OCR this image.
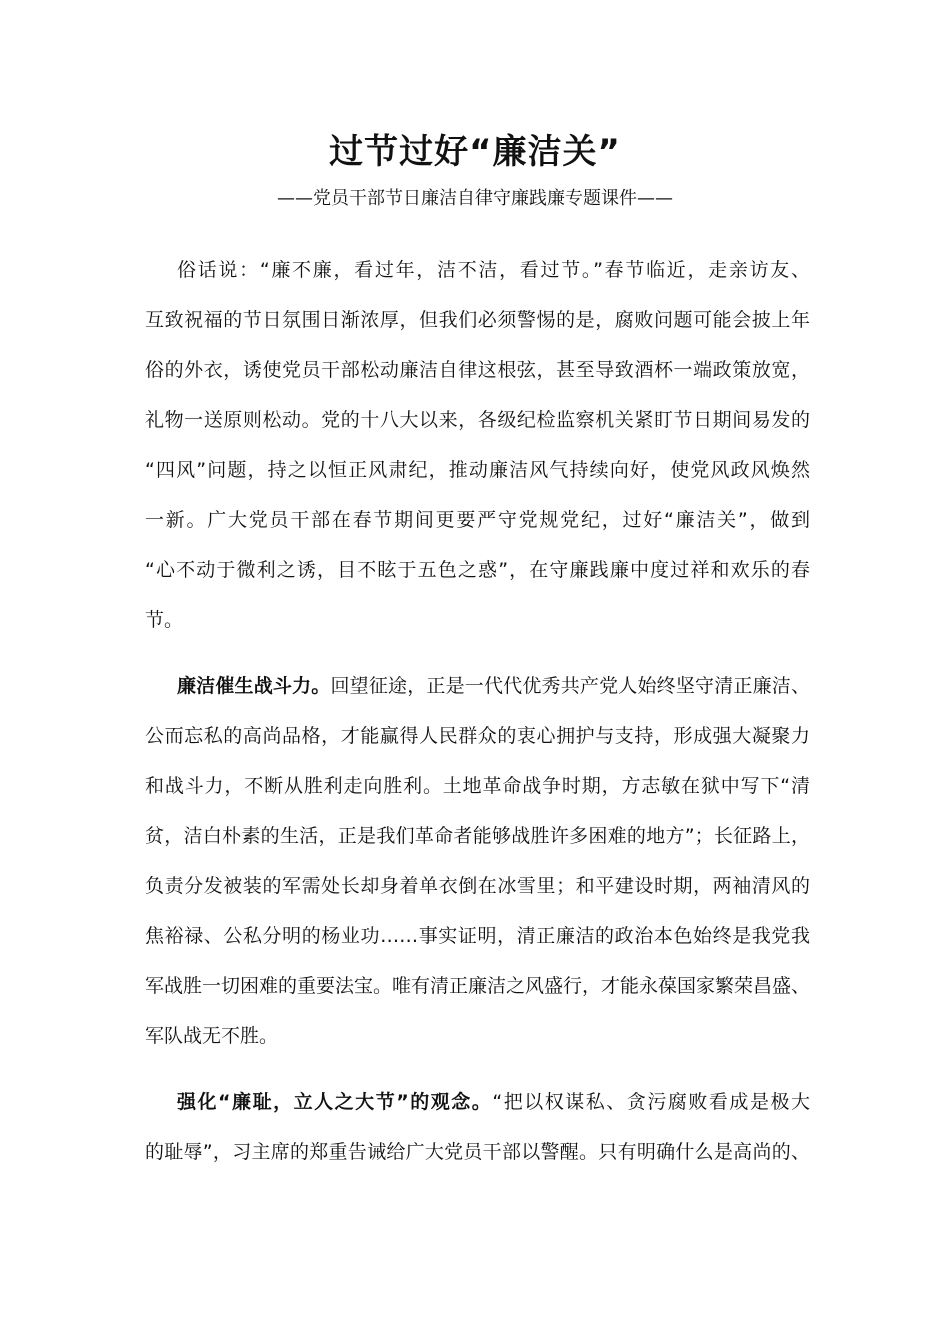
过节过好“廉洁关”

——党员干部节日廉洁自律守廉践廉专题课件——

俗话说：“廉不廉，看过年，洁不洁，看过节。”春节临近，走亲访友、
互致祝福的节日氛围日渐浓厚，但我们必须警惕的是，腐败问题可能会披上年
俗的外衣，诱使党员干部松动廉洁自律这根弦，甚至导致酒杯一端政策放宽，
礼物一送原则松动。党的十八大以来，各级纪检监察机关紧盯节日期间易发的
“四风”问题，持之以恒正风肃纪，推动廉洁风气持续向好，使党风政风焕然
一新。广大党员干部在春节期间更要严守党规党纪，过好“廉洁关”，做到
“心不动于微利之诱，目不眩于五色之惑”，在守廉践廉中度过祥和欢乐的春
节。
廉洁催生战斗力。回望征途，正是一代代优秀共产党人始终坚守清正廉洁、
公而忘私的高尚品格，才能赢得人民群众的衷心拥护与支持，形成强大凝聚力
和战斗力，不断从胜利走向胜利。土地革命战争时期，方志敏在狱中写下“清
贫，洁白朴素的生活，正是我们革命者能够战胜许多困难的地方”；长征路上，
负责分发被装的军需处长却身着单衣倒在冰雪里；和平建设时期，两袖清风的
焦裕禄、公私分明的杨业功……事实证明，清正廉洁的政治本色始终是我党我
军战胜一切困难的重要法宝。唯有清正廉洁之风盛行，才能永葆国家繁荣昌盛、
军队战无不胜。
强化“廉耻，立人之大节”的观念。“把以权谋私、贪污腐败看成是极大
的耻辱”，习主席的郑重告诫给广大党员干部以警醒。只有明确什么是高尚的、
